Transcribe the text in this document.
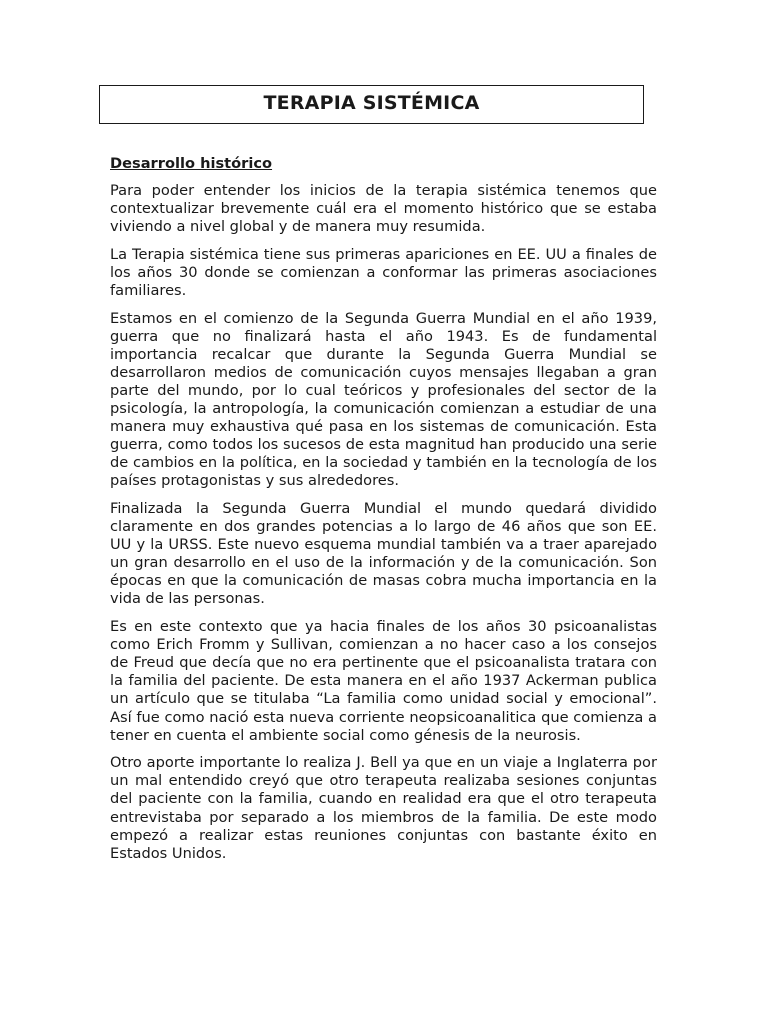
TERAPIA SISTÉMICA
Desarrollo histórico

Para poder entender los inicios de la terapia sistémica tenemos que contextualizar brevemente cuál era el momento histórico que se estaba viviendo a nivel global y de manera muy resumida.

La Terapia sistémica tiene sus primeras apariciones en EE. UU a finales de los años 30 donde se comienzan a conformar las primeras asociaciones familiares.

Estamos en el comienzo de la Segunda Guerra Mundial en el año 1939, guerra que no finalizará hasta el año 1943. Es de fundamental importancia recalcar que durante la Segunda Guerra Mundial se desarrollaron medios de comunicación cuyos mensajes llegaban a gran parte del mundo, por lo cual teóricos y profesionales del sector de la psicología, la antropología, la comunicación comienzan a estudiar de una manera muy exhaustiva qué pasa en los sistemas de comunicación. Esta guerra, como todos los sucesos de esta magnitud han producido una serie de cambios en la política, en la sociedad y también en la tecnología de los países protagonistas y sus alrededores.

Finalizada la Segunda Guerra Mundial el mundo quedará dividido claramente en dos grandes potencias a lo largo de 46 años que son EE. UU y la URSS. Este nuevo esquema mundial también va a traer aparejado un gran desarrollo en el uso de la información y de la comunicación. Son épocas en que la comunicación de masas cobra mucha importancia en la vida de las personas.

Es en este contexto que ya hacia finales de los años 30 psicoanalistas como Erich Fromm y Sullivan, comienzan a no hacer caso a los consejos de Freud que decía que no era pertinente que el psicoanalista tratara con la familia del paciente. De esta manera en el año 1937 Ackerman publica un artículo que se titulaba “La familia como unidad social y emocional”. Así fue como nació esta nueva corriente neopsicoanalitica que comienza a tener en cuenta el ambiente social como génesis de la neurosis.

Otro aporte importante lo realiza J. Bell ya que en un viaje a Inglaterra por un mal entendido creyó que otro terapeuta realizaba sesiones conjuntas del paciente con la familia, cuando en realidad era que el otro terapeuta entrevistaba por separado a los miembros de la familia. De este modo empezó a realizar estas reuniones conjuntas con bastante éxito en Estados Unidos.
